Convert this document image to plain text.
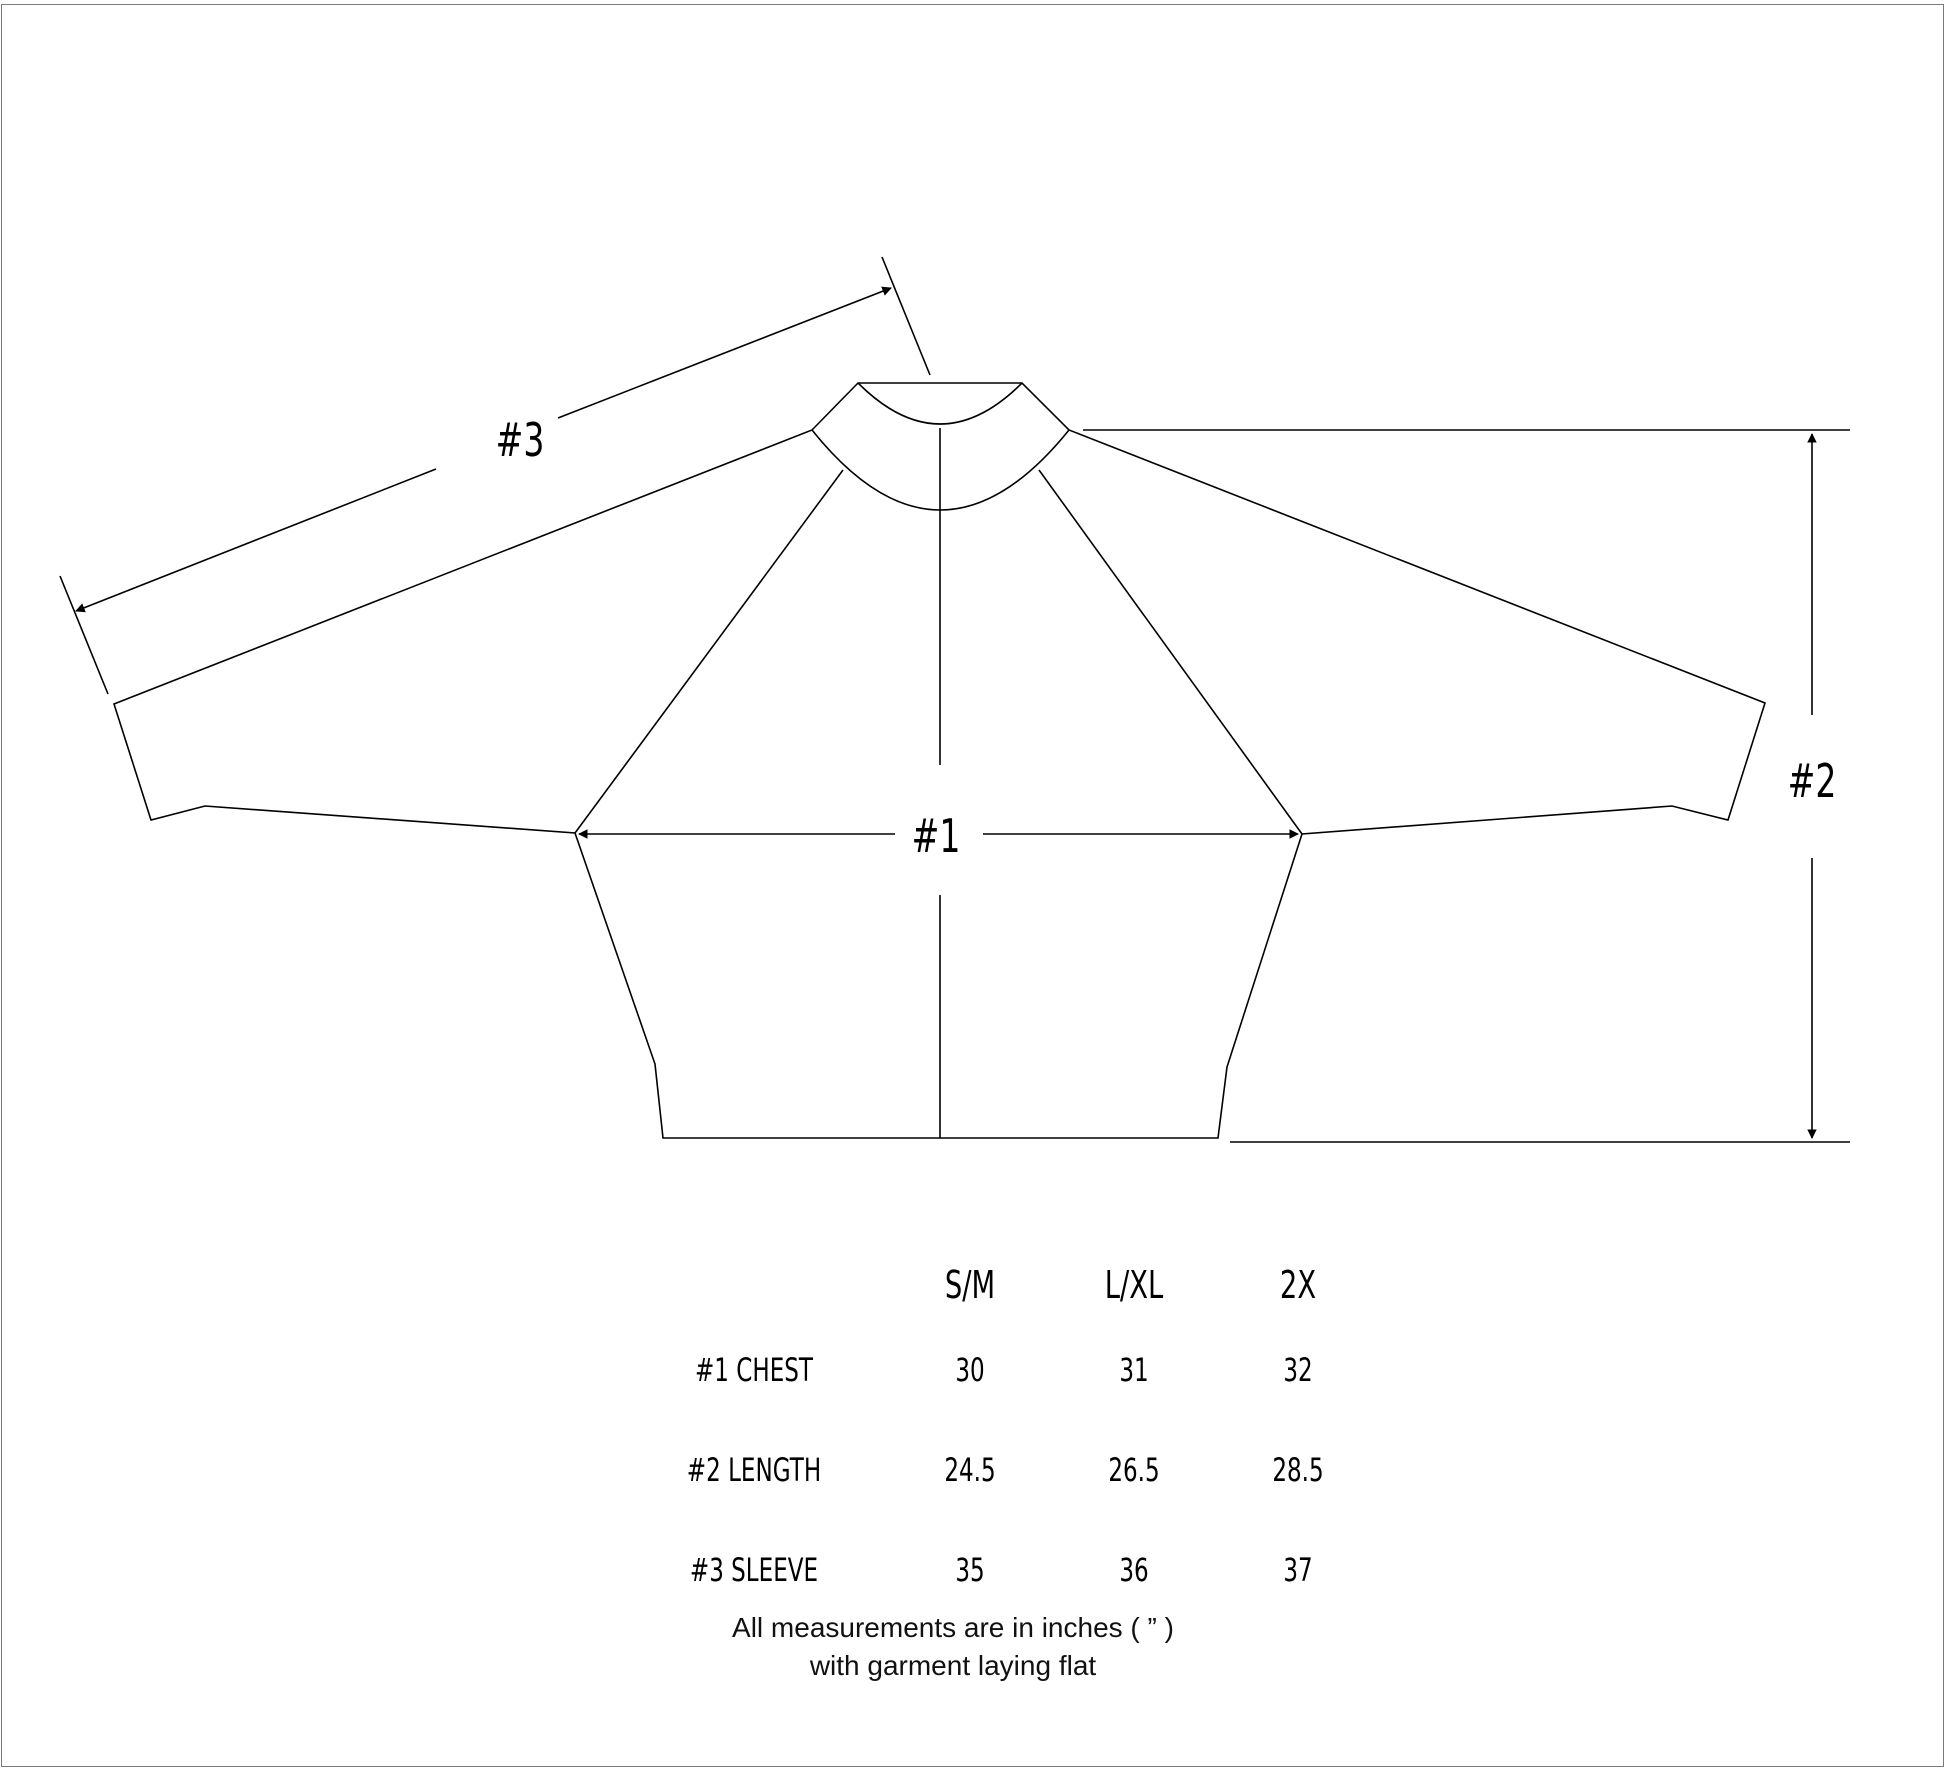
#1
#2
#3
	S/M	L/XL	2X
#1 CHEST	30	31	32
#2 LENGTH	24.5	26.5	28.5
#3 SLEEVE	35	36	37
All measurements are in inches ( ” )
with garment laying flat
